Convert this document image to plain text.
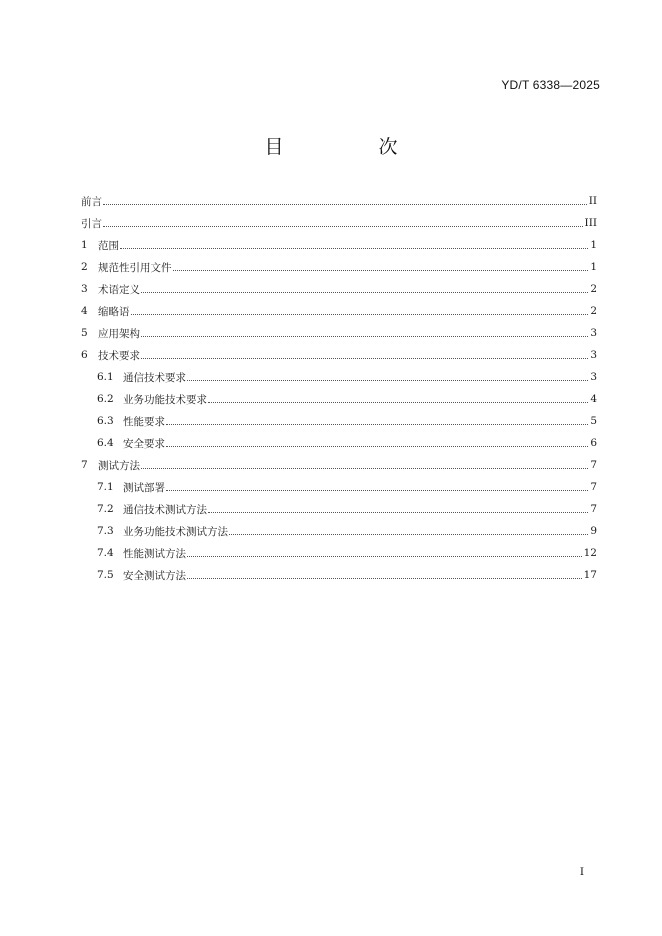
YD/T 6338—2025
目　次
前言	II
引言	III
1 范围	1
2 规范性引用文件	1
3 术语定义	2
4 缩略语	2
5 应用架构	3
6 技术要求	3
6.1 通信技术要求	3
6.2 业务功能技术要求	4
6.3 性能要求	5
6.4 安全要求	6
7 测试方法	7
7.1 测试部署	7
7.2 通信技术测试方法	7
7.3 业务功能技术测试方法	9
7.4 性能测试方法	12
7.5 安全测试方法	17
I
